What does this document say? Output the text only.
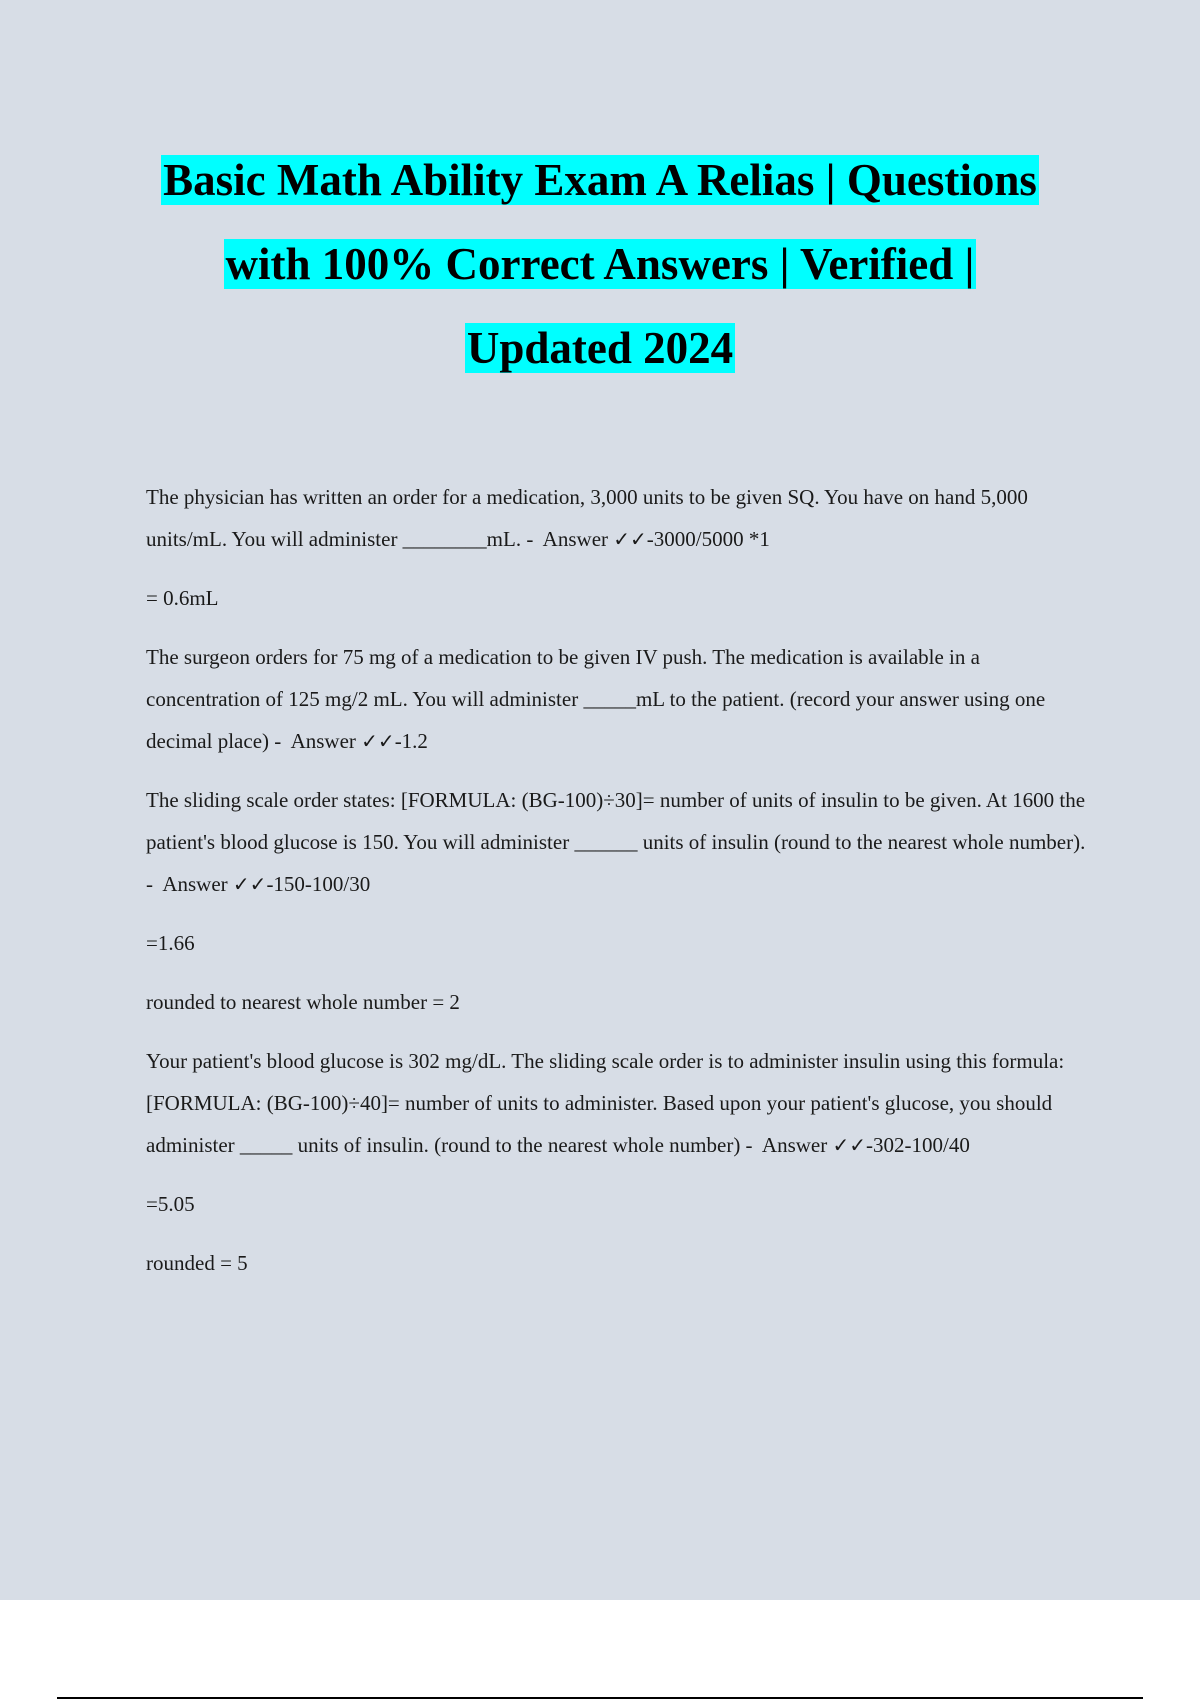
Basic Math Ability Exam A Relias | Questions
with 100% Correct Answers | Verified |
Updated 2024

The physician has written an order for a medication, 3,000 units to be given SQ. You have on hand 5,000 units/mL. You will administer ________mL. -  Answer ✓✓-3000/5000 *1

= 0.6mL

The surgeon orders for 75 mg of a medication to be given IV push. The medication is available in a concentration of 125 mg/2 mL. You will administer _____mL to the patient. (record your answer using one decimal place) -  Answer ✓✓-1.2

The sliding scale order states: [FORMULA: (BG-100)÷30]= number of units of insulin to be given. At 1600 the patient's blood glucose is 150. You will administer ______ units of insulin (round to the nearest whole number). -  Answer ✓✓-150-100/30

=1.66

rounded to nearest whole number = 2

Your patient's blood glucose is 302 mg/dL. The sliding scale order is to administer insulin using this formula: [FORMULA: (BG-100)÷40]= number of units to administer. Based upon your patient's glucose, you should administer _____ units of insulin. (round to the nearest whole number) -  Answer ✓✓-302-100/40

=5.05

rounded = 5
